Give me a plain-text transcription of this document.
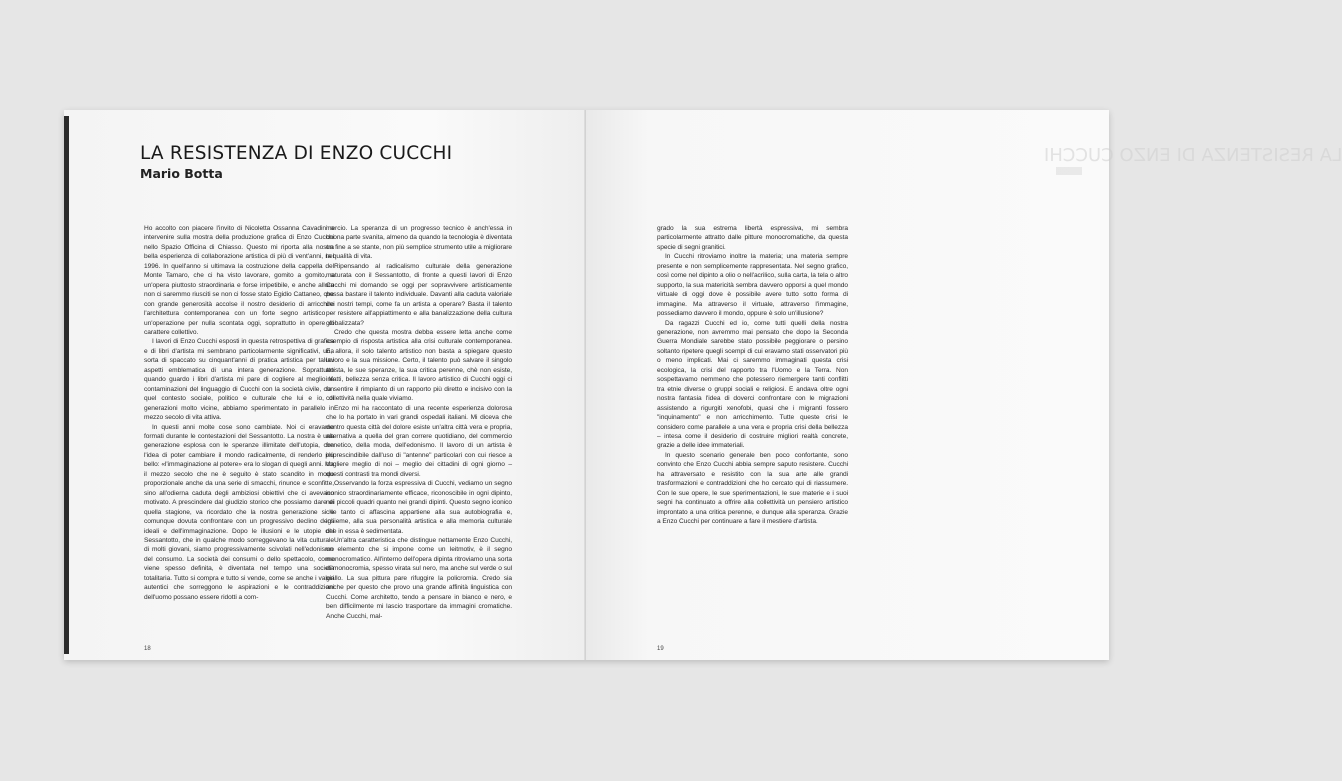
LA RESISTENZA DI ENZO CUCCHI
Mario Botta

Ho accolto con piacere l'invito di Nicoletta Ossanna Cavadini a intervenire sulla mostra della produzione grafica di Enzo Cucchi nello Spazio Officina di Chiasso. Questo mi riporta alla nostra bella esperienza di collaborazione artistica di più di vent'anni, nel 1996. In quell'anno si ultimava la costruzione della cappella del Monte Tamaro, che ci ha visto lavorare, gomito a gomito, a un'opera piuttosto straordinaria e forse irripetibile, e anche allora non ci saremmo riusciti se non ci fosse stato Egidio Cattaneo, che con grande generosità accolse il nostro desiderio di arricchire l'architettura contemporanea con un forte segno artistico – un'operazione per nulla scontata oggi, soprattutto in opere di carattere collettivo.

I lavori di Enzo Cucchi esposti in questa retrospettiva di grafica e di libri d'artista mi sembrano particolarmente significativi, una sorta di spaccato su cinquant'anni di pratica artistica per taluni aspetti emblematica di una intera generazione. Soprattutto quando guardo i libri d'artista mi pare di cogliere al meglio le contaminazioni del linguaggio di Cucchi con la società civile, con quel contesto sociale, politico e culturale che lui e io, di generazioni molto vicine, abbiamo sperimentato in parallelo in mezzo secolo di vita attiva.

In questi anni molte cose sono cambiate. Noi ci eravamo formati durante le contestazioni del Sessantotto. La nostra è una generazione esplosa con le speranze illimitate dell'utopia, con l'idea di poter cambiare il mondo radicalmente, di renderlo più bello: «l'immaginazione al potere» era lo slogan di quegli anni. Ma il mezzo secolo che ne è seguito è stato scandito in modo proporzionale anche da una serie di smacchi, rinunce e sconfitte, sino all'odierna caduta degli ambiziosi obiettivi che ci avevano motivato. A prescindere dal giudizio storico che possiamo dare di quella stagione, va ricordato che la nostra generazione si è comunque dovuta confrontare con un progressivo declino degli ideali e dell'immaginazione. Dopo le illusioni e le utopie del Sessantotto, che in qualche modo sorreggevano la vita culturale di molti giovani, siamo progressivamente scivolati nell'edonismo del consumo. La società dei consumi o dello spettacolo, come viene spesso definita, è diventata nel tempo una società totalitaria. Tutto si compra e tutto si vende, come se anche i valori autentici che sorreggono le aspirazioni e le contraddizioni dell'uomo possano essere ridotti a com-

mercio. La speranza di un progresso tecnico è anch'essa in buona parte svanita, almeno da quando la tecnologia è diventata un fine a se stante, non più semplice strumento utile a migliorare la qualità di vita.

Ripensando al radicalismo culturale della generazione maturata con il Sessantotto, di fronte a questi lavori di Enzo Cucchi mi domando se oggi per sopravvivere artisticamente possa bastare il talento individuale. Davanti alla caduta valoriale dei nostri tempi, come fa un artista a operare? Basta il talento per resistere all'appiattimento e alla banalizzazione della cultura globalizzata?

Credo che questa mostra debba essere letta anche come esempio di risposta artistica alla crisi culturale contemporanea. E, allora, il solo talento artistico non basta a spiegare questo lavoro e la sua missione. Certo, il talento può salvare il singolo artista, le sue speranze, la sua critica perenne, chè non esiste, infatti, bellezza senza critica. Il lavoro artistico di Cucchi oggi ci fa sentire il rimpianto di un rapporto più diretto e incisivo con la collettività nella quale viviamo.

Enzo mi ha raccontato di una recente esperienza dolorosa che lo ha portato in vari grandi ospedali italiani. Mi diceva che dentro questa città del dolore esiste un'altra città vera e propria, alternativa a quella del gran correre quotidiano, del commercio frenetico, della moda, dell'edonismo. Il lavoro di un artista è imprescindibile dall'uso di "antenne" particolari con cui riesce a cogliere meglio di noi – meglio dei cittadini di ogni giorno – questi contrasti tra mondi diversi.

Osservando la forza espressiva di Cucchi, vediamo un segno iconico straordinariamente efficace, riconoscibile in ogni dipinto, nei piccoli quadri quanto nei grandi dipinti. Questo segno iconico che tanto ci affascina appartiene alla sua autobiografia e, insieme, alla sua personalità artistica e alla memoria culturale che in essa è sedimentata.

Un'altra caratteristica che distingue nettamente Enzo Cucchi, un elemento che si impone come un leitmotiv, è il segno monocromatico. All'interno dell'opera dipinta ritroviamo una sorta di monocromia, spesso virata sul nero, ma anche sul verde o sul giallo. La sua pittura pare rifuggire la policromia. Credo sia anche per questo che provo una grande affinità linguistica con Cucchi. Come architetto, tendo a pensare in bianco e nero, e ben difficilmente mi lascio trasportare da immagini cromatiche. Anche Cucchi, mal-

18
LA RESISTENZA DI ENZO CUCCHI

grado la sua estrema libertà espressiva, mi sembra particolarmente attratto dalle pitture monocromatiche, da questa specie di segni granitici.

In Cucchi ritroviamo inoltre la materia; una materia sempre presente e non semplicemente rappresentata. Nel segno grafico, così come nel dipinto a olio o nell'acrilico, sulla carta, la tela o altro supporto, la sua matericità sembra davvero opporsi a quel mondo virtuale di oggi dove è possibile avere tutto sotto forma di immagine. Ma attraverso il virtuale, attraverso l'immagine, possediamo davvero il mondo, oppure è solo un'illusione?

Da ragazzi Cucchi ed io, come tutti quelli della nostra generazione, non avremmo mai pensato che dopo la Seconda Guerra Mondiale sarebbe stato possibile peggiorare o persino soltanto ripetere quegli scempi di cui eravamo stati osservatori più o meno implicati. Mai ci saremmo immaginati questa crisi ecologica, la crisi del rapporto tra l'Uomo e la Terra. Non sospettavamo nemmeno che potessero riemergere tanti conflitti tra etnie diverse o gruppi sociali e religiosi. E andava oltre ogni nostra fantasia l'idea di doverci confrontare con le migrazioni assistendo a rigurgiti xenofobi, quasi che i migranti fossero "inquinamento" e non arricchimento. Tutte queste crisi le considero come parallele a una vera e propria crisi della bellezza – intesa come il desiderio di costruire migliori realtà concrete, grazie a delle idee immateriali.

In questo scenario generale ben poco confortante, sono convinto che Enzo Cucchi abbia sempre saputo resistere. Cucchi ha attraversato e resistito con la sua arte alle grandi trasformazioni e contraddizioni che ho cercato qui di riassumere. Con le sue opere, le sue sperimentazioni, le sue materie e i suoi segni ha continuato a offrire alla collettività un pensiero artistico improntato a una critica perenne, e dunque alla speranza. Grazie a Enzo Cucchi per continuare a fare il mestiere d'artista.

19
